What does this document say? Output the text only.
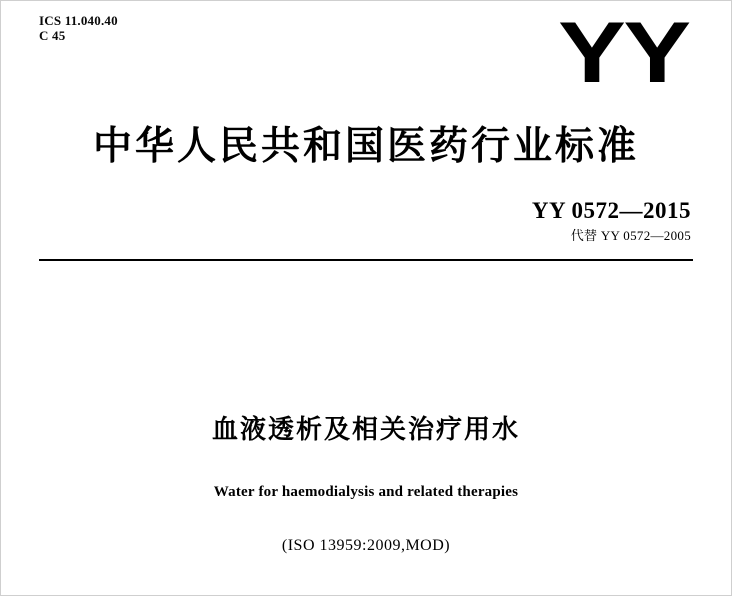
ICS 11.040.40
C 45	YY
中华人民共和国医药行业标准
YY 0572—2015
代替 YY 0572—2005
血液透析及相关治疗用水
Water for haemodialysis and related therapies
(ISO 13959:2009,MOD)
